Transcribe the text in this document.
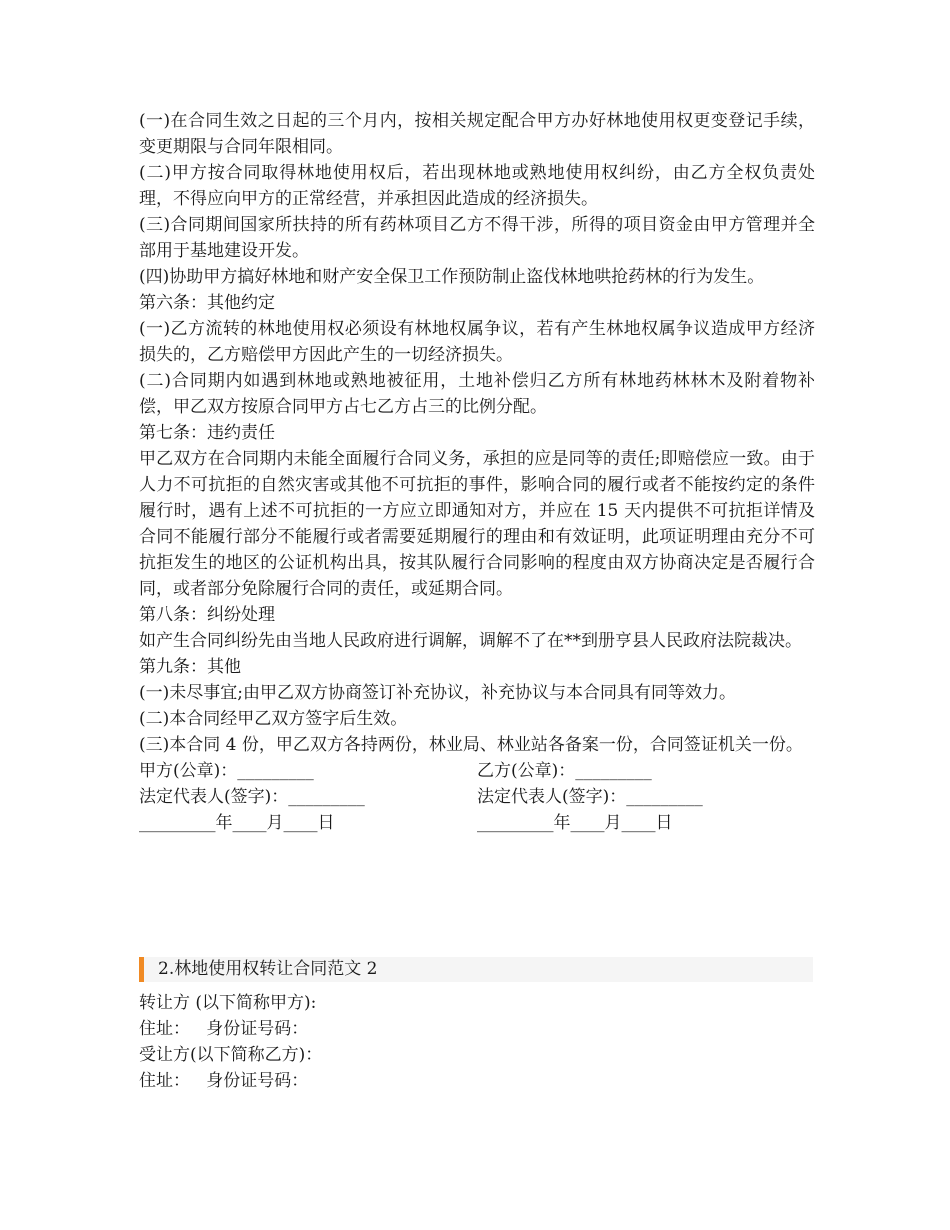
(一)在合同生效之日起的三个月内，按相关规定配合甲方办好林地使用权更变登记手续，变更期限与合同年限相同。

(二)甲方按合同取得林地使用权后，若出现林地或熟地使用权纠纷，由乙方全权负责处理，不得应向甲方的正常经营，并承担因此造成的经济损失。

(三)合同期间国家所扶持的所有药林项目乙方不得干涉，所得的项目资金由甲方管理并全部用于基地建设开发。

(四)协助甲方搞好林地和财产安全保卫工作预防制止盗伐林地哄抢药林的行为发生。

第六条：其他约定

(一)乙方流转的林地使用权必须设有林地权属争议，若有产生林地权属争议造成甲方经济损失的，乙方赔偿甲方因此产生的一切经济损失。

(二)合同期内如遇到林地或熟地被征用，土地补偿归乙方所有林地药林林木及附着物补偿，甲乙双方按原合同甲方占七乙方占三的比例分配。

第七条：违约责任

甲乙双方在合同期内未能全面履行合同义务，承担的应是同等的责任;即赔偿应一致。由于人力不可抗拒的自然灾害或其他不可抗拒的事件，影响合同的履行或者不能按约定的条件履行时，遇有上述不可抗拒的一方应立即通知对方，并应在 15 天内提供不可抗拒详情及合同不能履行部分不能履行或者需要延期履行的理由和有效证明，此项证明理由充分不可抗拒发生的地区的公证机构出具，按其队履行合同影响的程度由双方协商决定是否履行合同，或者部分免除履行合同的责任，或延期合同。

第八条：纠纷处理

如产生合同纠纷先由当地人民政府进行调解，调解不了在**到册亨县人民政府法院裁决。

第九条：其他

(一)未尽事宜;由甲乙双方协商签订补充协议，补充协议与本合同具有同等效力。

(二)本合同经甲乙双方签字后生效。

(三)本合同 4 份，甲乙双方各持两份，林业局、林业站各备案一份，合同签证机关一份。

甲方(公章)：_________	乙方(公章)：_________
法定代表人(签字)：_________	法定代表人(签字)：_________
_________年____月____日	_________年____月____日
2.林地使用权转让合同范文 2

转让方 (以下简称甲方):

住址：   身份证号码：

受让方(以下简称乙方)：

住址：   身份证号码：
